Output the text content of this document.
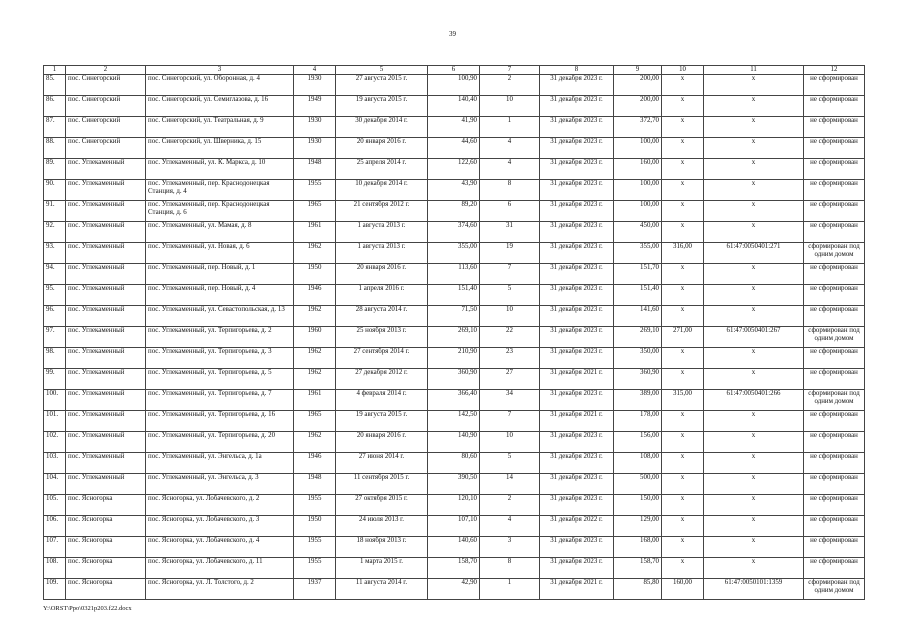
39
1	2	3	4	5	6	7	8	9	10	11	12
85.	пос. Синегорский	пос. Синегорский, ул. Оборонная, д. 4	1930	27 августа 2015 г.	100,90	2	31 декабря 2023 г.	200,00	x	x	не сформирован
86.	пос. Синегорский	пос. Синегорский, ул. Семиглазова, д. 16	1949	19 августа 2015 г.	140,40	10	31 декабря 2023 г.	200,00	x	x	не сформирован
87.	пос. Синегорский	пос. Синегорский, ул. Театральная, д. 9	1930	30 декабря 2014 г.	41,90	1	31 декабря 2023 г.	372,70	x	x	не сформирован
88.	пос. Синегорский	пос. Синегорский, ул. Шверника, д. 15	1930	20 января 2016 г.	44,60	4	31 декабря 2023 г.	100,00	x	x	не сформирован
89.	пос. Углекаменный	пос. Углекаменный, ул. К. Маркса, д. 10	1948	25 апреля 2014 г.	122,60	4	31 декабря 2023 г.	160,00	x	x	не сформирован
90.	пос. Углекаменный	пос. Углекаменный, пер. Краснодонецкая Станция, д. 4	1955	10 декабря 2014 г.	43,90	8	31 декабря 2023 г.	100,00	x	x	не сформирован
91.	пос. Углекаменный	пос. Углекаменный, пер. Краснодонецкая Станция, д. 6	1965	21 сентября 2012 г.	89,20	6	31 декабря 2023 г.	100,00	x	x	не сформирован
92.	пос. Углекаменный	пос. Углекаменный, ул. Мамая, д. 8	1961	1 августа 2013 г.	374,60	31	31 декабря 2023 г.	450,00	x	x	не сформирован
93.	пос. Углекаменный	пос. Углекаменный, ул. Новая, д. 6	1962	1 августа 2013 г.	355,00	19	31 декабря 2023 г.	355,00	316,00	61:47:0050401:271	сформирован под одним домом
94.	пос. Углекаменный	пос. Углекаменный, пер. Новый, д. 1	1950	20 января 2016 г.	113,60	7	31 декабря 2023 г.	151,70	x	x	не сформирован
95.	пос. Углекаменный	пос. Углекаменный, пер. Новый, д. 4	1946	1 апреля 2016 г.	151,40	5	31 декабря 2023 г.	151,40	x	x	не сформирован
96.	пос. Углекаменный	пос. Углекаменный, ул. Севастопольская, д. 13	1962	28 августа 2014 г.	71,50	10	31 декабря 2023 г.	141,60	x	x	не сформирован
97.	пос. Углекаменный	пос. Углекаменный, ул. Терпигорьева, д. 2	1960	25 ноября 2013 г.	269,10	22	31 декабря 2023 г.	269,10	271,00	61:47:0050401:267	сформирован под одним домом
98.	пос. Углекаменный	пос. Углекаменный, ул. Терпигорьева, д. 3	1962	27 сентября 2014 г.	210,90	23	31 декабря 2023 г.	350,00	x	x	не сформирован
99.	пос. Углекаменный	пос. Углекаменный, ул. Терпигорьева, д. 5	1962	27 декабря 2012 г.	360,90	27	31 декабря 2021 г.	360,90	x	x	не сформирован
100.	пос. Углекаменный	пос. Углекаменный, ул. Терпигорьева, д. 7	1961	4 февраля 2014 г.	366,40	34	31 декабря 2023 г.	389,00	315,00	61:47:0050401:266	сформирован под одним домом
101.	пос. Углекаменный	пос. Углекаменный, ул. Терпигорьева, д. 16	1965	19 августа 2015 г.	142,50	7	31 декабря 2021 г.	178,00	x	x	не сформирован
102.	пос. Углекаменный	пос. Углекаменный, ул. Терпигорьева, д. 20	1962	20 января 2016 г.	140,90	10	31 декабря 2023 г.	156,00	x	x	не сформирован
103.	пос. Углекаменный	пос. Углекаменный, ул. Энгельса, д. 1а	1946	27 июня 2014 г.	80,60	5	31 декабря 2023 г.	108,00	x	x	не сформирован
104.	пос. Углекаменный	пос. Углекаменный, ул. Энгельса, д. 3	1948	11 сентября 2015 г.	390,50	14	31 декабря 2023 г.	500,00	x	x	не сформирован
105.	пос. Ясногорка	пос. Ясногорка, ул. Лобачевского, д. 2	1955	27 октября 2015 г.	120,10	2	31 декабря 2023 г.	150,00	x	x	не сформирован
106.	пос. Ясногорка	пос. Ясногорка, ул. Лобачевского, д. 3	1950	24 июля 2013 г.	107,10	4	31 декабря 2022 г.	129,00	x	x	не сформирован
107.	пос. Ясногорка	пос. Ясногорка, ул. Лобачевского, д. 4	1955	18 ноября 2013 г.	140,60	3	31 декабря 2023 г.	168,00	x	x	не сформирован
108.	пос. Ясногорка	пос. Ясногорка, ул. Лобачевского, д. 11	1955	1 марта 2015 г.	158,70	8	31 декабря 2023 г.	158,70	x	x	не сформирован
109.	пос. Ясногорка	пос. Ясногорка, ул. Л. Толстого, д. 2	1937	11 августа 2014 г.	42,90	1	31 декабря 2021 г.	85,80	160,00	61:47:0050101:1359	сформирован под одним домом
Y:\ORST\Ppo\0321p203.f22.docx
